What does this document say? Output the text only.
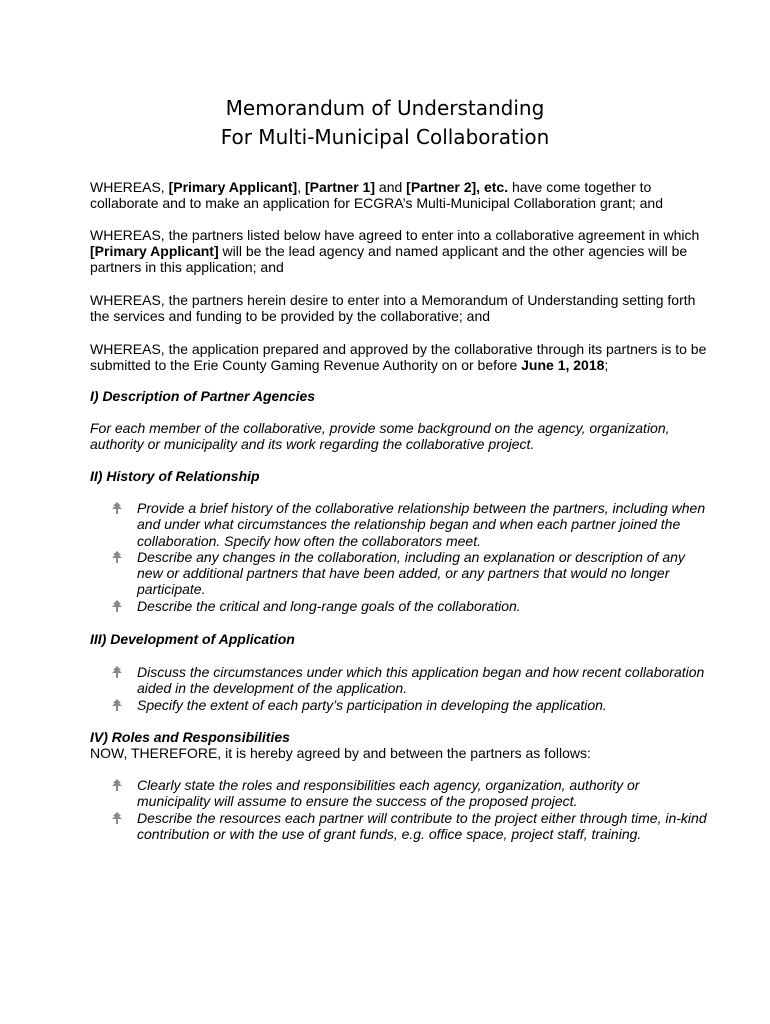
Memorandum of Understanding
For Multi-Municipal Collaboration

WHEREAS, [Primary Applicant], [Partner 1] and [Partner 2], etc. have come together to collaborate and to make an application for ECGRA’s Multi-Municipal Collaboration grant; and

WHEREAS, the partners listed below have agreed to enter into a collaborative agreement in which [Primary Applicant] will be the lead agency and named applicant and the other agencies will be partners in this application; and

WHEREAS, the partners herein desire to enter into a Memorandum of Understanding setting forth the services and funding to be provided by the collaborative; and

WHEREAS, the application prepared and approved by the collaborative through its partners is to be submitted to the Erie County Gaming Revenue Authority on or before June 1, 2018;

I) Description of Partner Agencies

For each member of the collaborative, provide some background on the agency, organization, authority or municipality and its work regarding the collaborative project.

II) History of Relationship

Provide a brief history of the collaborative relationship between the partners, including when and under what circumstances the relationship began and when each partner joined the collaboration. Specify how often the collaborators meet.
Describe any changes in the collaboration, including an explanation or description of any new or additional partners that have been added, or any partners that would no longer participate.
Describe the critical and long-range goals of the collaboration.

III) Development of Application

Discuss the circumstances under which this application began and how recent collaboration aided in the development of the application.
Specify the extent of each party’s participation in developing the application.

IV) Roles and Responsibilities

NOW, THEREFORE, it is hereby agreed by and between the partners as follows:

Clearly state the roles and responsibilities each agency, organization, authority or municipality will assume to ensure the success of the proposed project.
Describe the resources each partner will contribute to the project either through time, in-kind contribution or with the use of grant funds, e.g. office space, project staff, training.
